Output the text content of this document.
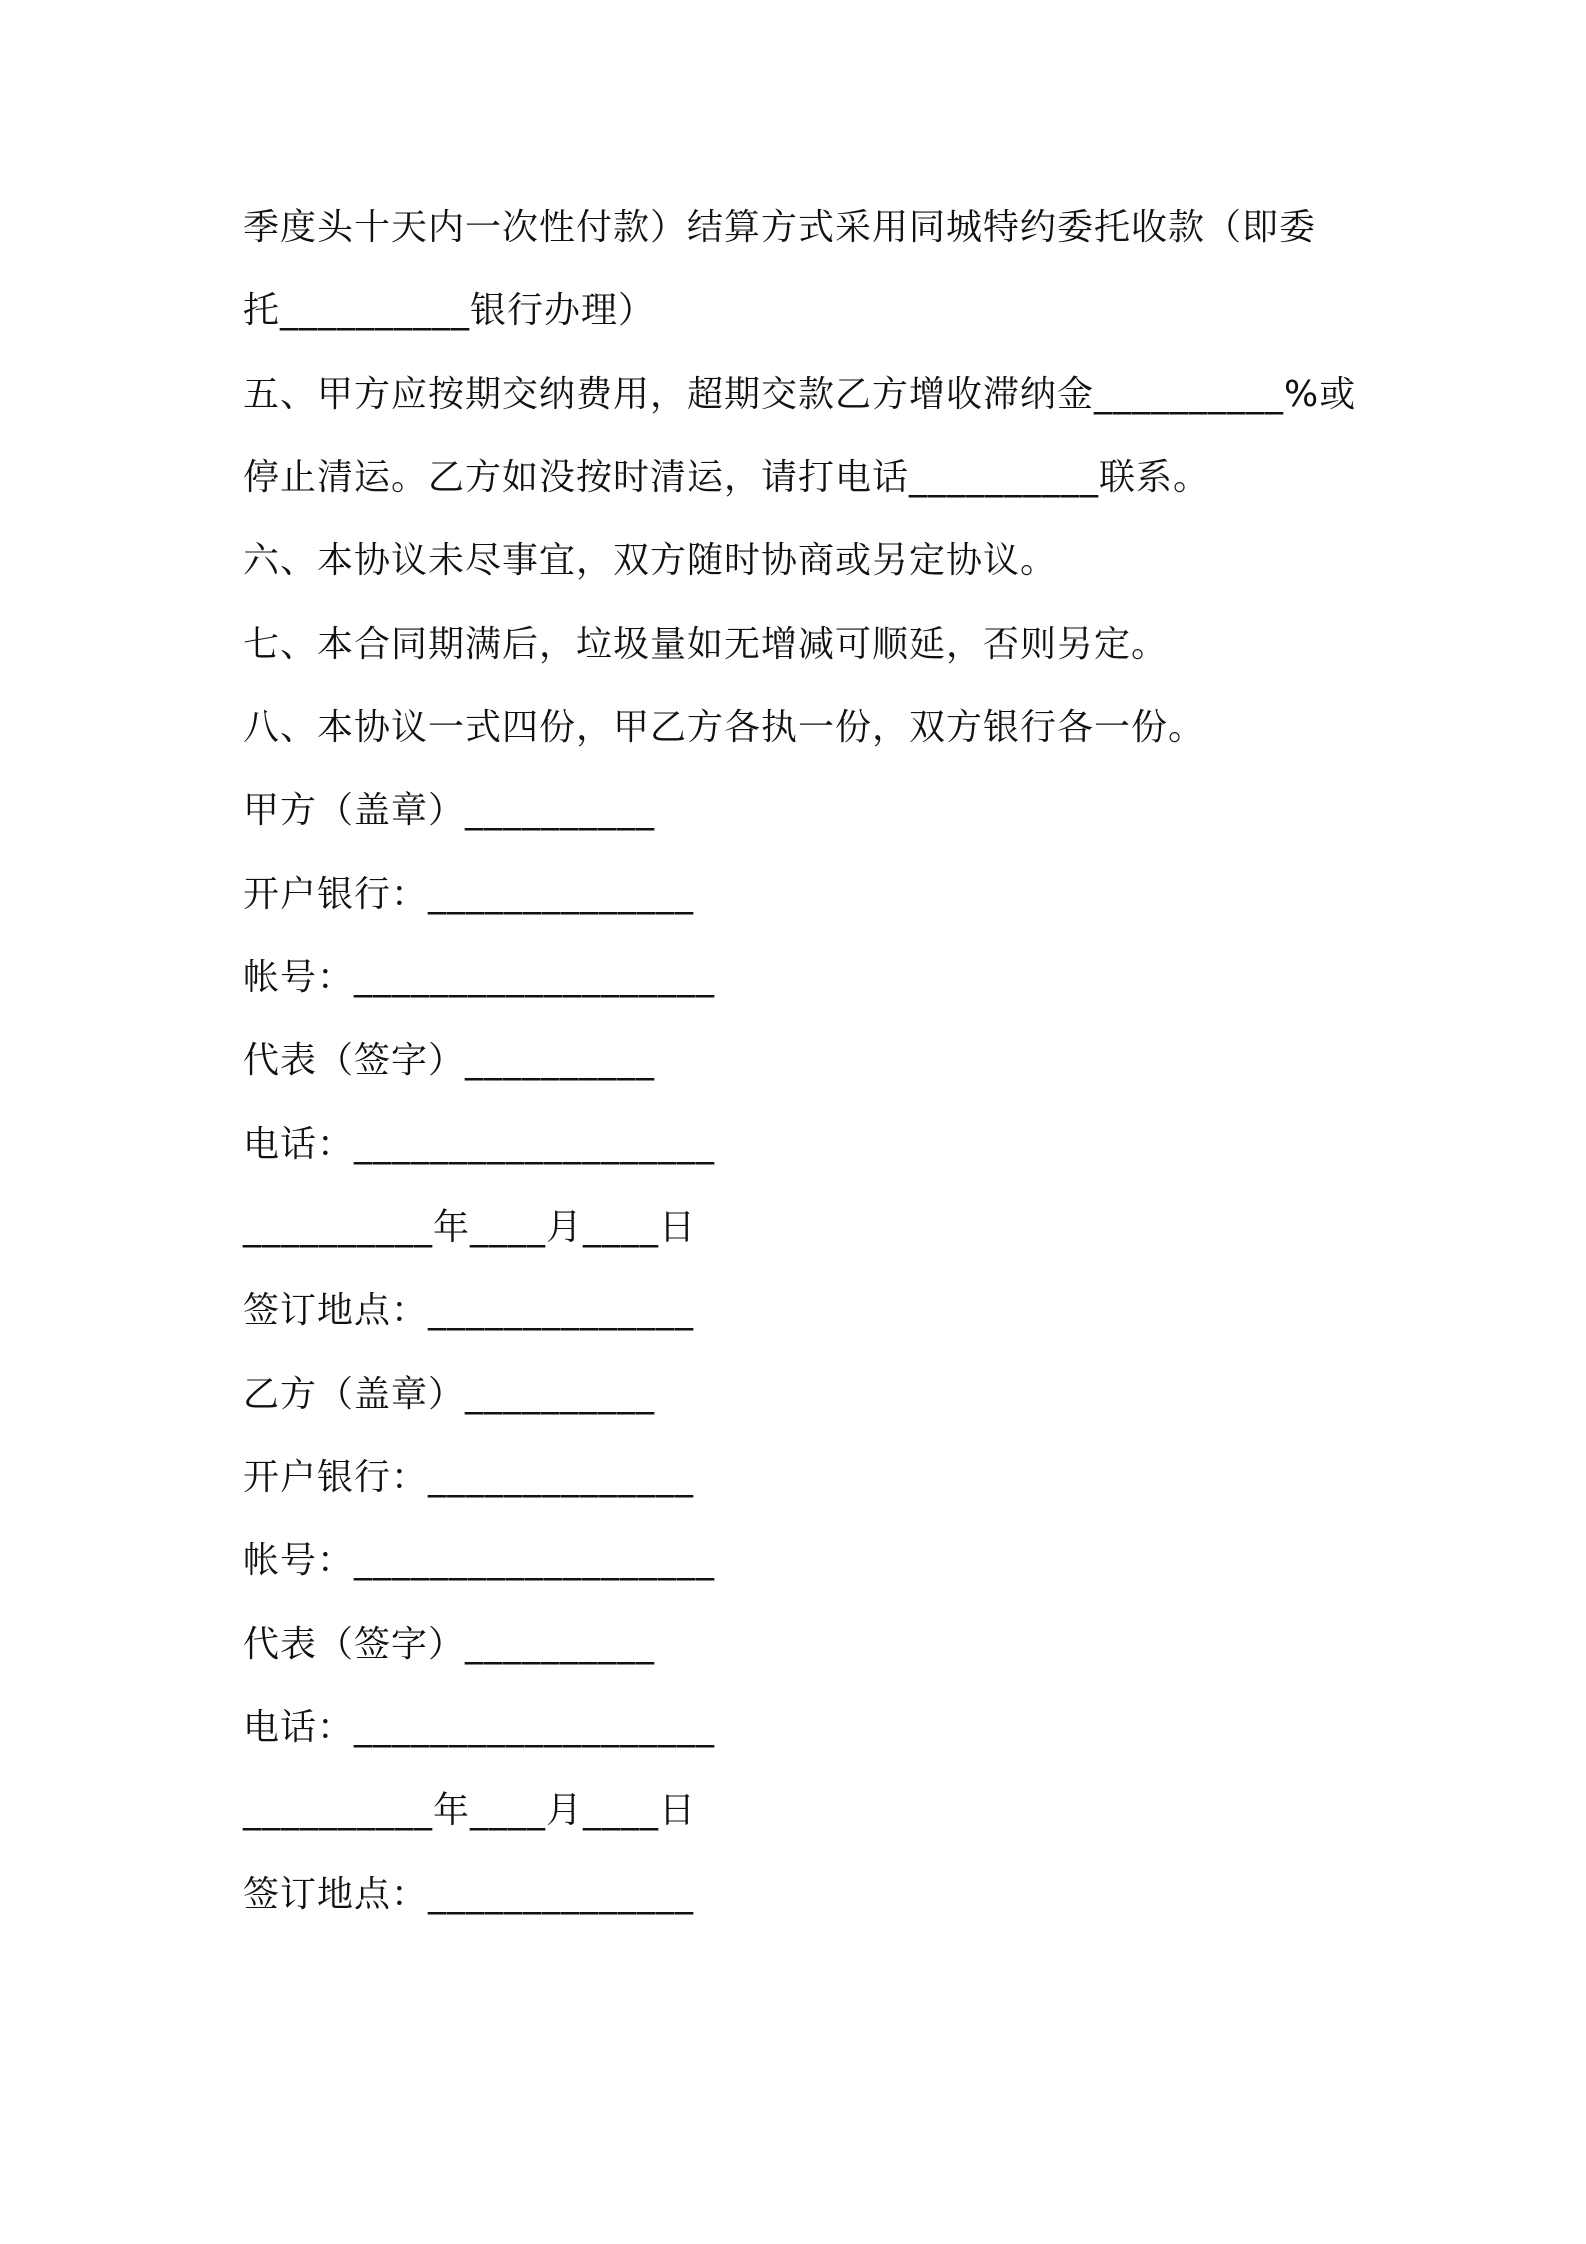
季度头十天内一次性付款）结算方式采用同城特约委托收款（即委
托__________银行办理）
五、甲方应按期交纳费用，超期交款乙方增收滞纳金__________%或
停止清运。乙方如没按时清运，请打电话__________联系。
六、本协议未尽事宜，双方随时协商或另定协议。
七、本合同期满后，垃圾量如无增减可顺延，否则另定。
八、本协议一式四份，甲乙方各执一份，双方银行各一份。
甲方（盖章）__________
开户银行：______________
帐号：___________________
代表（签字）__________
电话：___________________
__________年____月____日
签订地点：______________
乙方（盖章）__________
开户银行：______________
帐号：___________________
代表（签字）__________
电话：___________________
__________年____月____日
签订地点：______________
